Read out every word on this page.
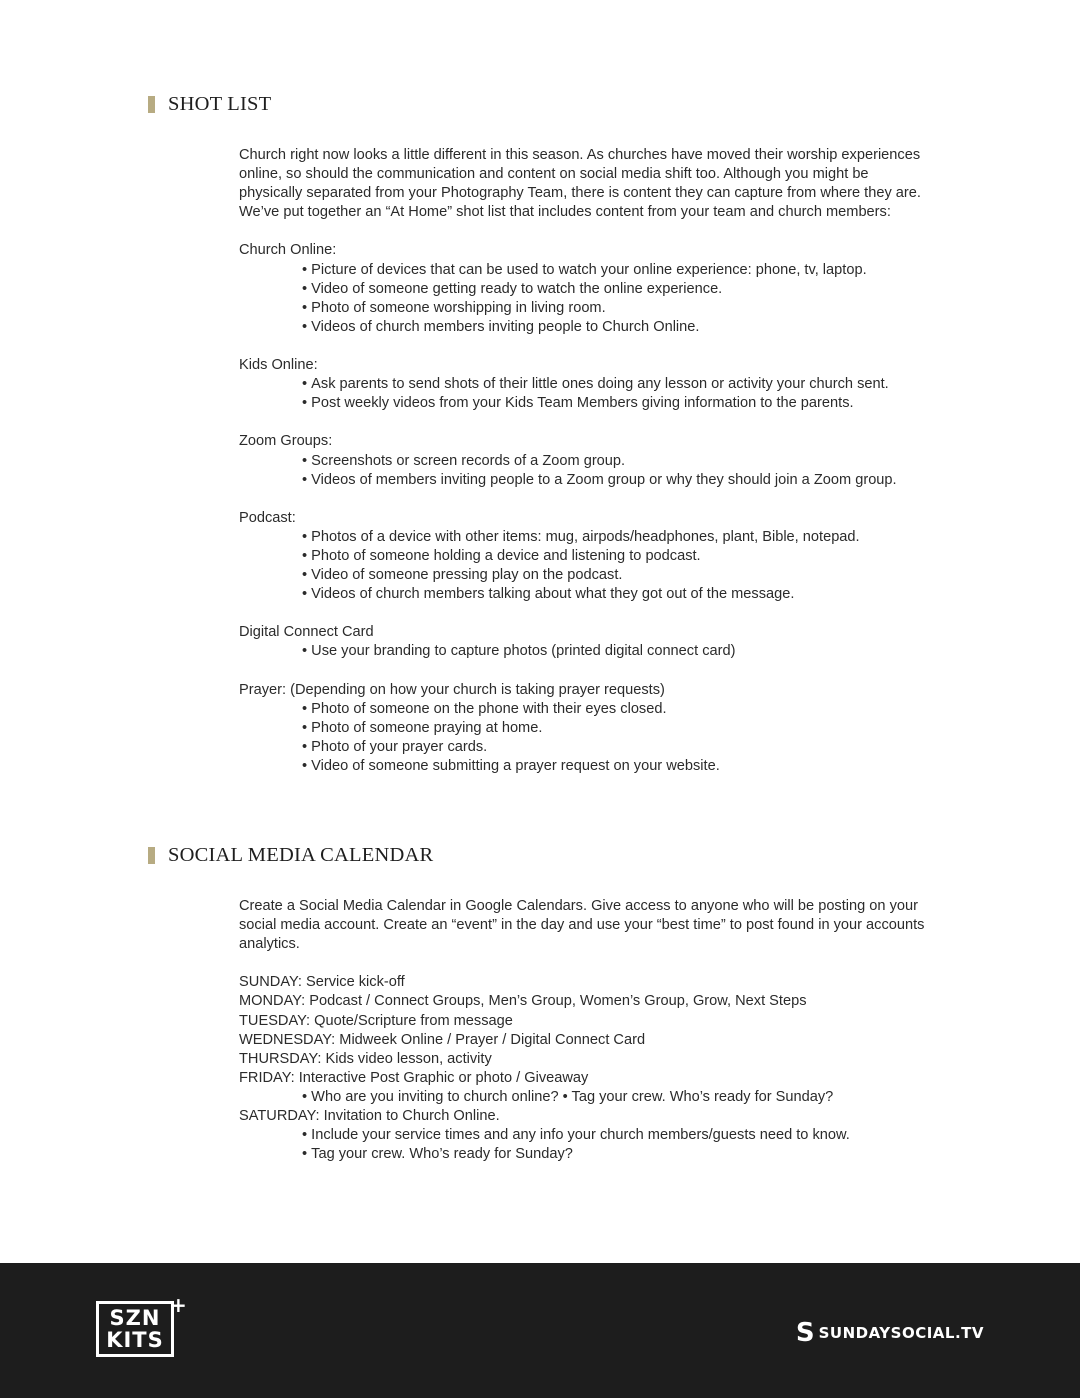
SHOT LIST

Church right now looks a little different in this season. As churches have moved their worship experiences online, so should the communication and content on social media shift too. Although you might be physically separated from your Photography Team, there is content they can capture from where they are. We’ve put together an “At Home” shot list that includes content from your team and church members:

Church Online:
• Picture of devices that can be used to watch your online experience: phone, tv, laptop.
• Video of someone getting ready to watch the online experience.
• Photo of someone worshipping in living room.
• Videos of church members inviting people to Church Online.
Kids Online:
• Ask parents to send shots of their little ones doing any lesson or activity your church sent.
• Post weekly videos from your Kids Team Members giving information to the parents.
Zoom Groups:
• Screenshots or screen records of a Zoom group.
• Videos of members inviting people to a Zoom group or why they should join a Zoom group.
Podcast:
• Photos of a device with other items: mug, airpods/headphones, plant, Bible, notepad.
• Photo of someone holding a device and listening to podcast.
• Video of someone pressing play on the podcast.
• Videos of church members talking about what they got out of the message.
Digital Connect Card
• Use your branding to capture photos (printed digital connect card)
Prayer: (Depending on how your church is taking prayer requests)
• Photo of someone on the phone with their eyes closed.
• Photo of someone praying at home.
• Photo of your prayer cards.
• Video of someone submitting a prayer request on your website.
SOCIAL MEDIA CALENDAR

Create a Social Media Calendar in Google Calendars. Give access to anyone who will be posting on your social media account. Create an “event” in the day and use your “best time” to post found in your accounts analytics.

SUNDAY: Service kick-off
MONDAY: Podcast / Connect Groups, Men’s Group, Women’s Group, Grow, Next Steps
TUESDAY: Quote/Scripture from message
WEDNESDAY: Midweek Online / Prayer / Digital Connect Card
THURSDAY: Kids video lesson, activity
FRIDAY: Interactive Post Graphic or photo / Giveaway
• Who are you inviting to church online? • Tag your crew. Who’s ready for Sunday?
SATURDAY: Invitation to Church Online.
• Include your service times and any info your church members/guests need to know.
• Tag your crew. Who’s ready for Sunday?
SZN
KITS
+
S SUNDAYSOCIAL.TV
